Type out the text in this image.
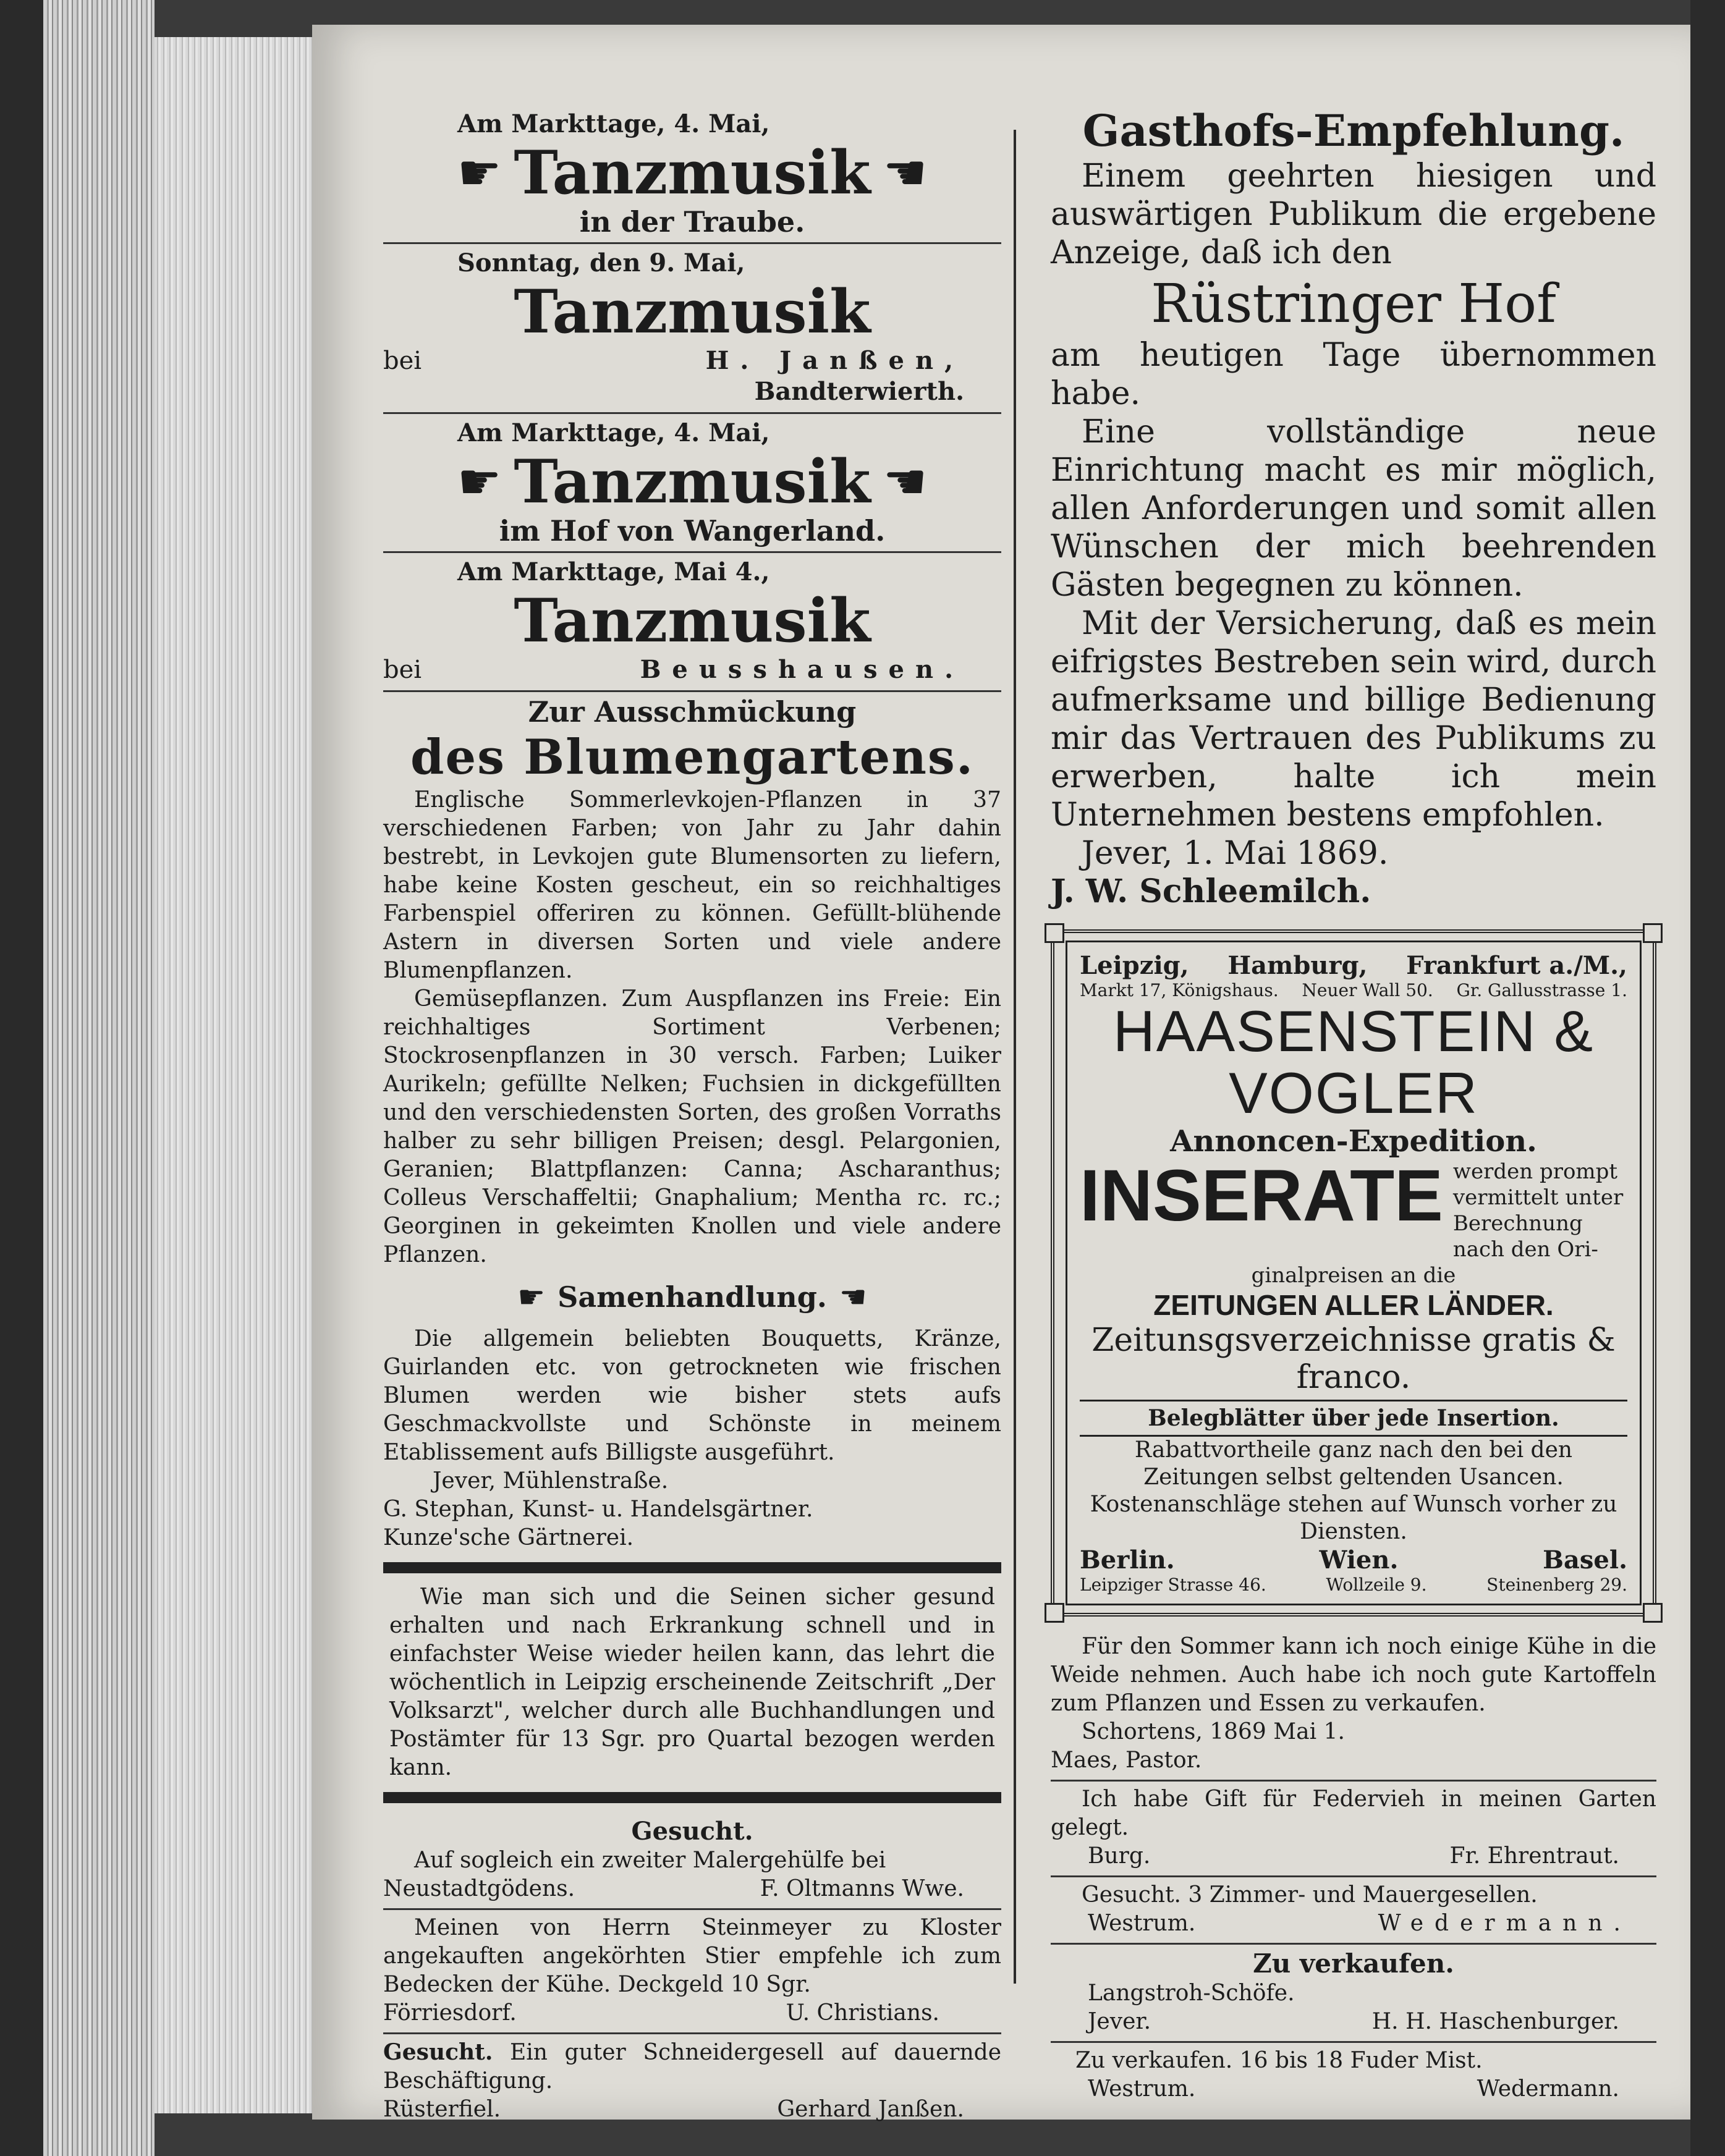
Am Markttage, 4. Mai,
☛ Tanzmusik ☚
in der Traube.
Sonntag, den 9. Mai,
Tanzmusik
bei	H. Janßen,
Bandterwierth.
Am Markttage, 4. Mai,
☛ Tanzmusik ☚
im Hof von Wangerland.
Am Markttage, Mai 4.,
Tanzmusik
bei	Beusshausen.
Zur Ausschmückung
des Blumengartens.
Englische Sommerlevkojen-Pflanzen in 37 verschiedenen Farben; von Jahr zu Jahr dahin bestrebt, in Levkojen gute Blumensorten zu liefern, habe keine Kosten gescheut, ein so reichhaltiges Farbenspiel offeriren zu können. Gefüllt-blühende Astern in diversen Sorten und viele andere Blumenpflanzen.
Gemüsepflanzen. Zum Auspflanzen ins Freie: Ein reichhaltiges Sortiment Verbenen; Stockrosenpflanzen in 30 versch. Farben; Luiker Aurikeln; gefüllte Nelken; Fuchsien in dickgefüllten und den verschiedensten Sorten, des großen Vorraths halber zu sehr billigen Preisen; desgl. Pelargonien, Geranien; Blattpflanzen: Canna; Ascharanthus; Colleus Verschaffeltii; Gnaphalium; Mentha rc. rc.; Georginen in gekeimten Knollen und viele andere Pflanzen.
☛ Samenhandlung. ☚
Die allgemein beliebten Bouquetts, Kränze, Guirlanden etc. von getrockneten wie frischen Blumen werden wie bisher stets aufs Geschmackvollste und Schönste in meinem Etablissement aufs Billigste ausgeführt.
Jever, Mühlenstraße.
G. Stephan, Kunst- u. Handelsgärtner.
Kunze'sche Gärtnerei.
Wie man sich und die Seinen sicher gesund erhalten und nach Erkrankung schnell und in einfachster Weise wieder heilen kann, das lehrt die wöchentlich in Leipzig erscheinende Zeitschrift „Der Volksarzt", welcher durch alle Buchhandlungen und Postämter für 13 Sgr. pro Quartal bezogen werden kann.
Gesucht.
Auf sogleich ein zweiter Malergehülfe bei
Neustadtgödens.	F. Oltmanns Wwe.
Meinen von Herrn Steinmeyer zu Kloster angekauften angekörhten Stier empfehle ich zum Bedecken der Kühe. Deckgeld 10 Sgr.
Förriesdorf.	U. Christians.
Gesucht. Ein guter Schneidergesell auf dauernde Beschäftigung.
Rüsterfiel.	Gerhard Janßen.
Gasthofs-Empfehlung.
Einem geehrten hiesigen und auswärtigen Publikum die ergebene Anzeige, daß ich den
Rüstringer Hof
am heutigen Tage übernommen habe.
Eine vollständige neue Einrichtung macht es mir möglich, allen Anforderungen und somit allen Wünschen der mich beehrenden Gästen begegnen zu können.
Mit der Versicherung, daß es mein eifrigstes Bestreben sein wird, durch aufmerksame und billige Bedienung mir das Vertrauen des Publikums zu erwerben, halte ich mein Unternehmen bestens empfohlen.
Jever, 1. Mai 1869.
J. W. Schleemilch.
Leipzig, Hamburg, Frankfurt a./M.,
Markt 17, Königshaus. Neuer Wall 50. Gr. Gallusstrasse 1.
HAASENSTEIN &
VOGLER
Annoncen-Expedition.
INSERATE werden prompt vermittelt unter Berechnung nach den Ori-
ginalpreisen an die
ZEITUNGEN ALLER LÄNDER.
Zeitunsgsverzeichnisse gratis & franco.
Belegblätter über jede Insertion.
Rabattvortheile ganz nach den bei den Zeitungen selbst geltenden Usancen.
Kostenanschläge stehen auf Wunsch vorher zu Diensten.
Berlin.	Wien.	Basel.
Leipziger Strasse 46.	Wollzeile 9.	Steinenberg 29.
Für den Sommer kann ich noch einige Kühe in die Weide nehmen. Auch habe ich noch gute Kartoffeln zum Pflanzen und Essen zu verkaufen.
Schortens, 1869 Mai 1.
Maes, Pastor.
Ich habe Gift für Federvieh in meinen Garten gelegt.
Burg.	Fr. Ehrentraut.
Gesucht. 3 Zimmer- und Mauergesellen.
Westrum.	Wedermann.
Zu verkaufen.
Langstroh-Schöfe.
Jever.	H. H. Haschenburger.
Zu verkaufen. 16 bis 18 Fuder Mist.
Westrum.	Wedermann.
